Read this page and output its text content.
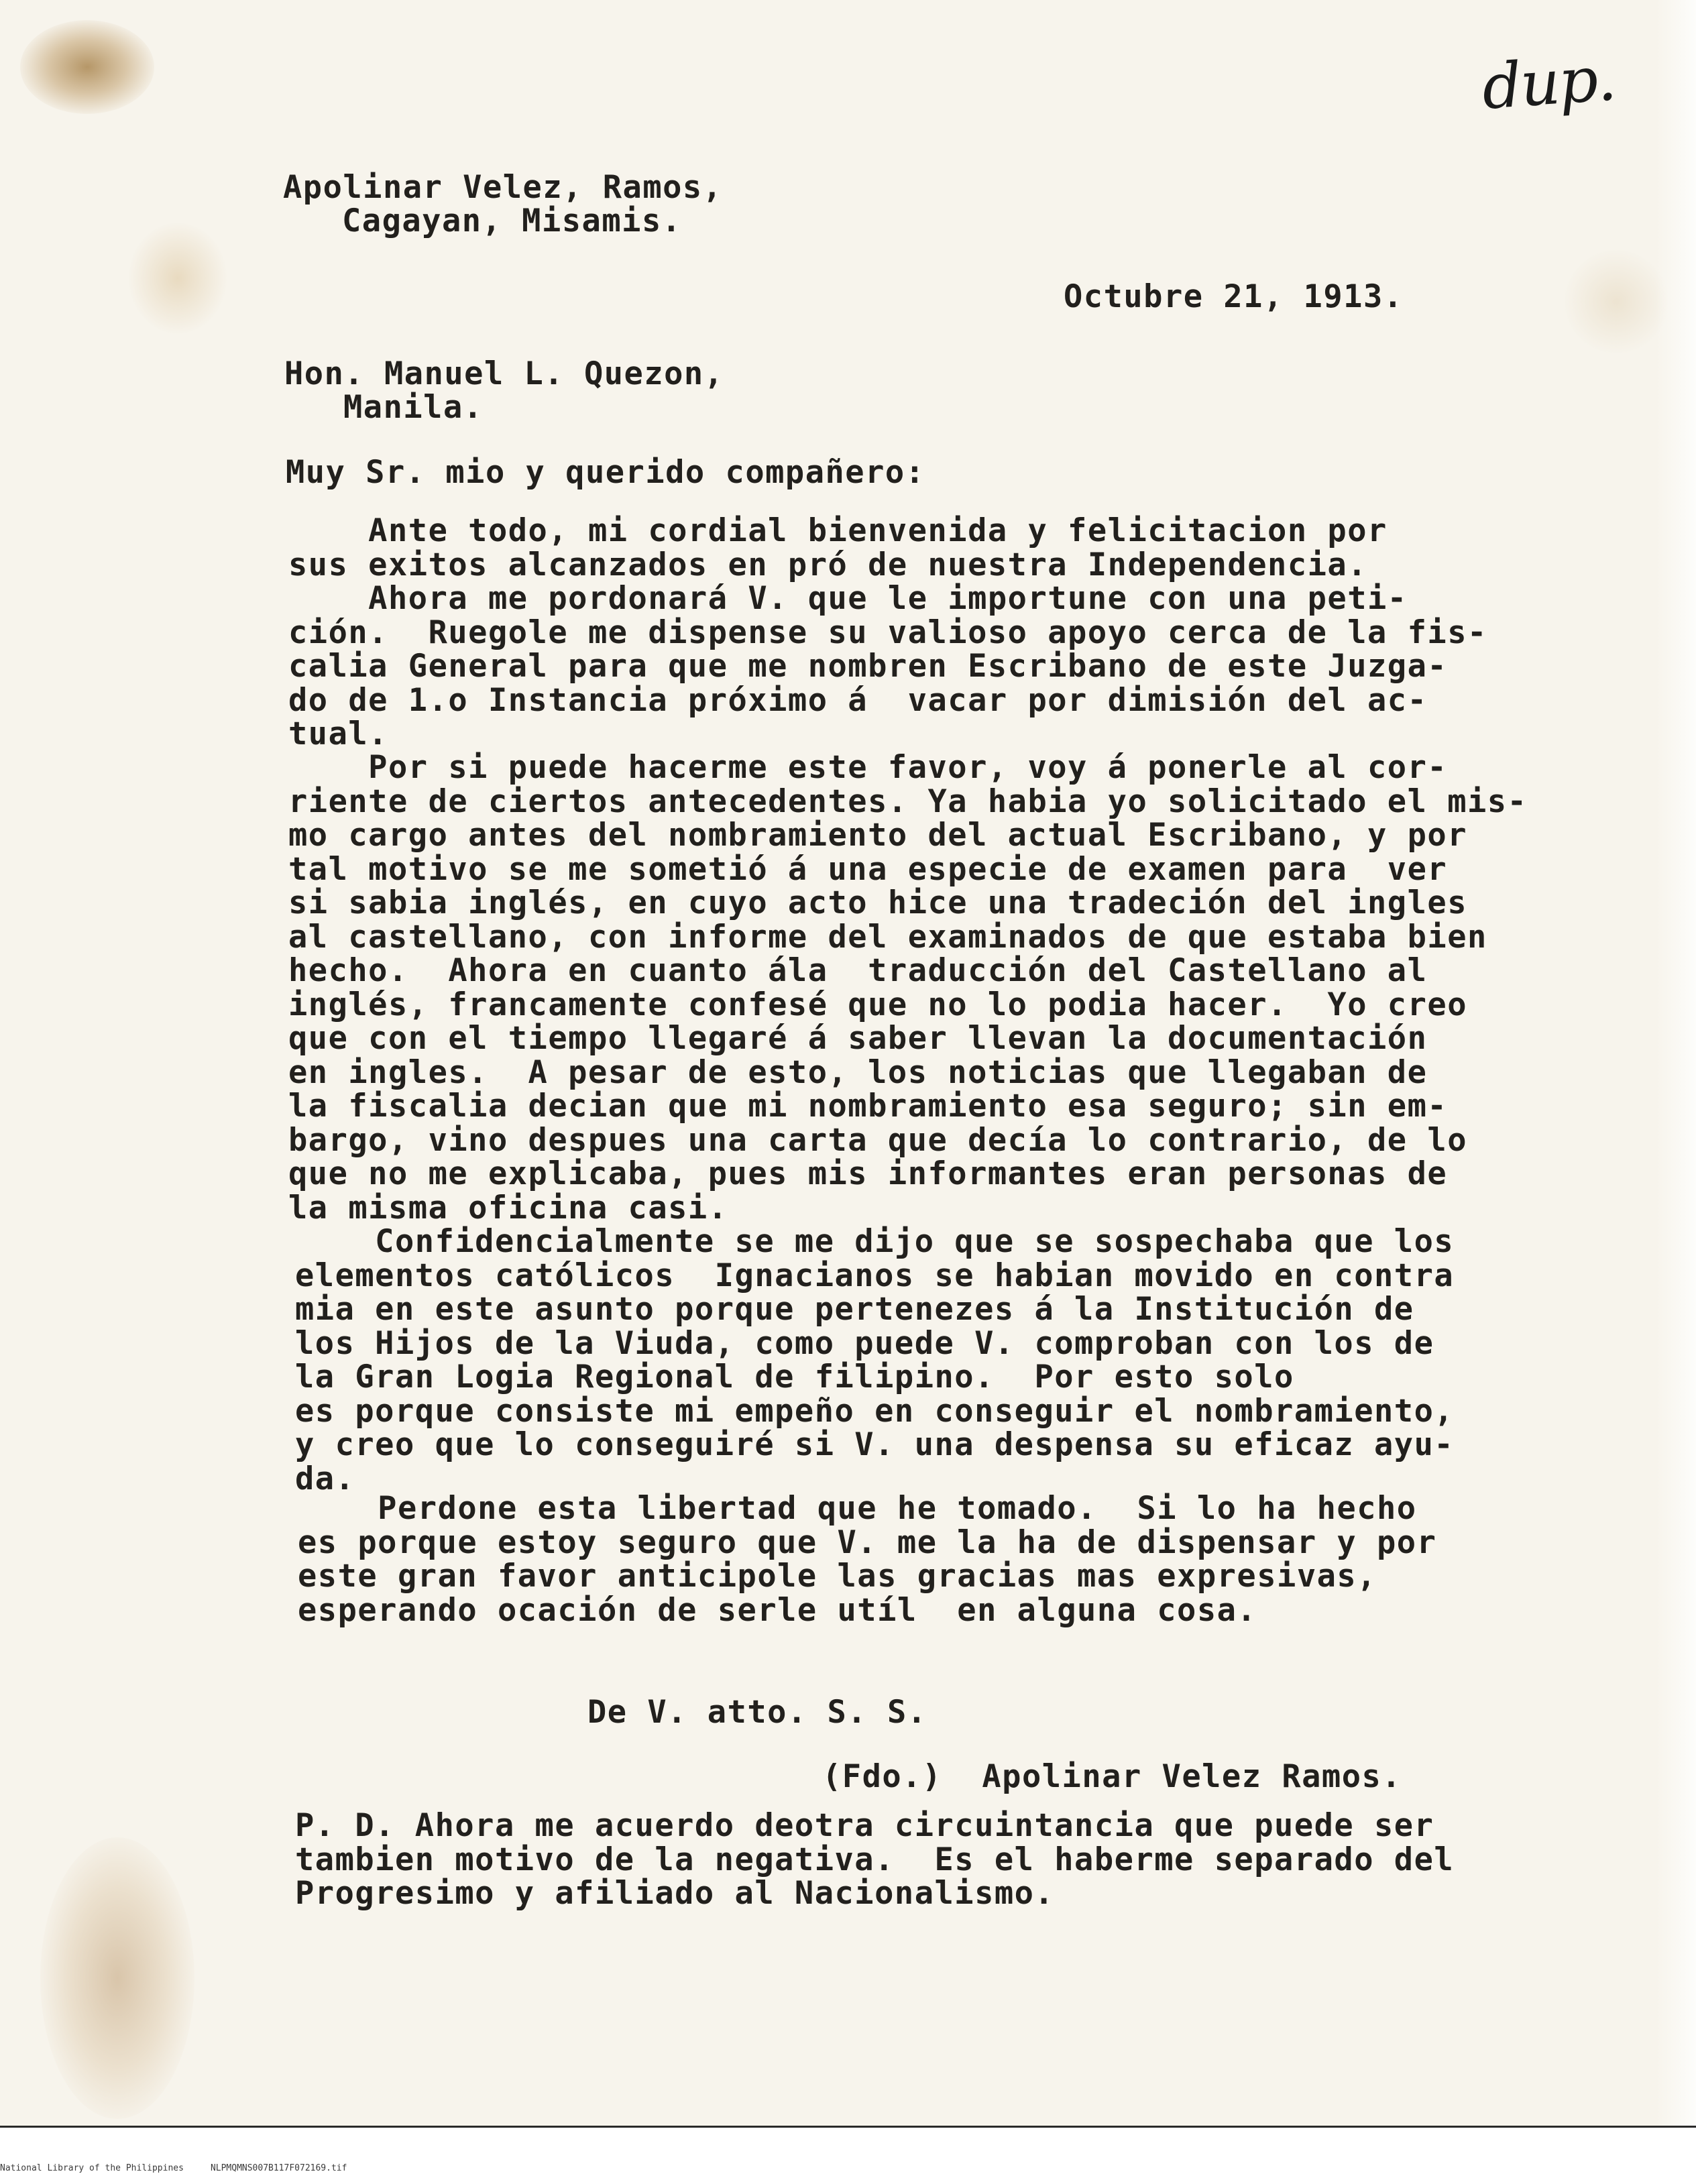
dup.
Apolinar Velez, Ramos,
Cagayan, Misamis.
Octubre 21, 1913.
Hon. Manuel L. Quezon,
Manila.
Muy Sr. mio y querido compañero:
Ante todo, mi cordial bienvenida y felicitacion por
sus exitos alcanzados en pró de nuestra Independencia.
Ahora me pordonará V. que le importune con una peti-
ción.  Ruegole me dispense su valioso apoyo cerca de la fis-
calia General para que me nombren Escribano de este Juzga-
do de 1.o Instancia próximo á  vacar por dimisión del ac-
tual.
Por si puede hacerme este favor, voy á ponerle al cor-
riente de ciertos antecedentes. Ya habia yo solicitado el mis-
mo cargo antes del nombramiento del actual Escribano, y por
tal motivo se me sometió á una especie de examen para  ver
si sabia inglés, en cuyo acto hice una tradeción del ingles
al castellano, con informe del examinados de que estaba bien
hecho.  Ahora en cuanto ála  traducción del Castellano al
inglés, francamente confesé que no lo podia hacer.  Yo creo
que con el tiempo llegaré á saber llevan la documentación
en ingles.  A pesar de esto, los noticias que llegaban de
la fiscalia decian que mi nombramiento esa seguro; sin em-
bargo, vino despues una carta que decía lo contrario, de lo
que no me explicaba, pues mis informantes eran personas de
la misma oficina casi.
Confidencialmente se me dijo que se sospechaba que los
elementos católicos  Ignacianos se habian movido en contra
mia en este asunto porque pertenezes á la Institución de
los Hijos de la Viuda, como puede V. comproban con los de
la Gran Logia Regional de filipino.  Por esto solo
es porque consiste mi empeño en conseguir el nombramiento,
y creo que lo conseguiré si V. una despensa su eficaz ayu-
da.
Perdone esta libertad que he tomado.  Si lo ha hecho
es porque estoy seguro que V. me la ha de dispensar y por
este gran favor anticipole las gracias mas expresivas,
esperando ocación de serle utíl  en alguna cosa.
De V. atto. S. S.
(Fdo.)  Apolinar Velez Ramos.
P. D. Ahora me acuerdo deotra circuintancia que puede ser
tambien motivo de la negativa.  Es el haberme separado del
Progresimo y afiliado al Nacionalismo.
National Library of the Philippines	NLPMQMNS007B117F072169.tif
